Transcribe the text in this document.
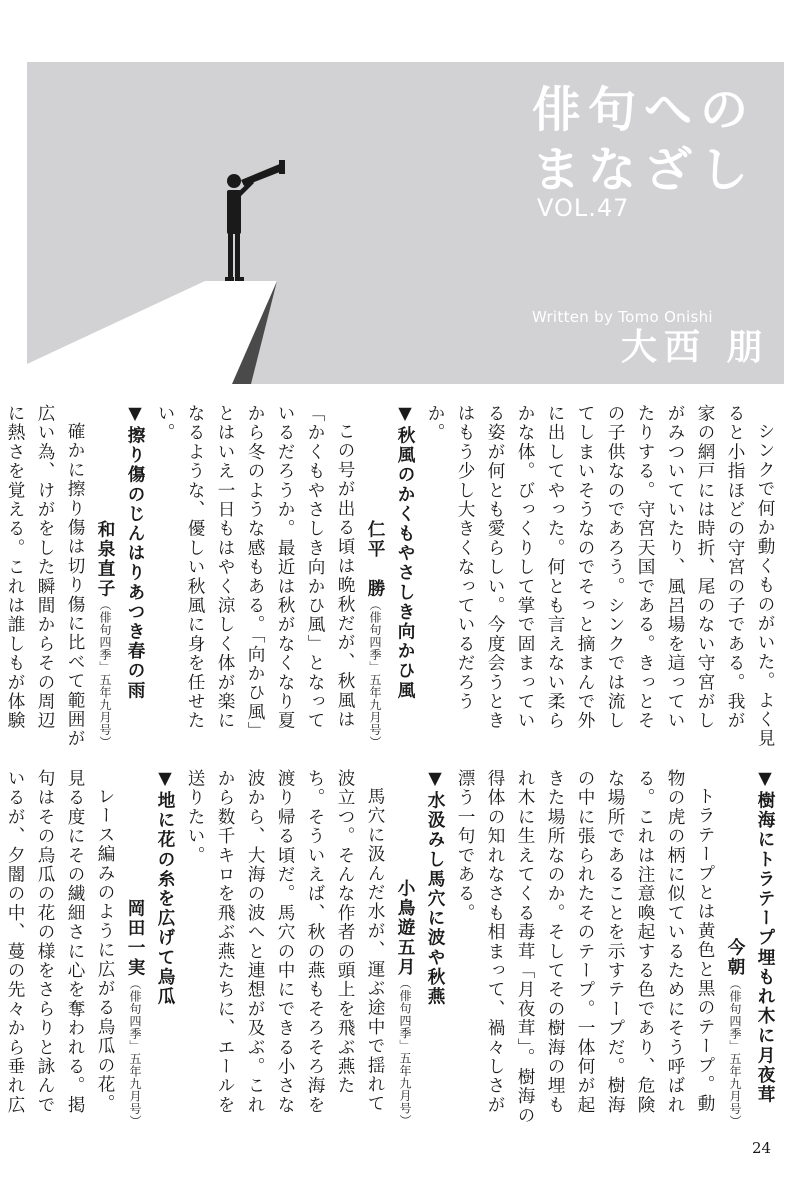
俳句への
まなざし
VOL.47
Written by Tomo Onishi
大西 朋

シンクで何か動くものがいた。よく見ると小指ほどの守宮の子である。我が家の網戸には時折、尾のない守宮がしがみついていたり、風呂場を這っていたりする。守宮天国である。きっとその子供なのであろう。シンクでは流してしまいそうなのでそっと摘まんで外に出してやった。何とも言えない柔らかな体。びっくりして掌で固まっている姿が何とも愛らしい。今度会うときはもう少し大きくなっているだろうか。

▼秋風のかくもやさしき向かひ風

仁平　勝（俳句四季」五年九月号）

この号が出る頃は晩秋だが、秋風は「かくもやさしき向かひ風」となっているだろうか。最近は秋がなくなり夏から冬のような感もある。「向かひ風」とはいえ一日もはやく涼しく体が楽になるような、優しい秋風に身を任せたい。

▼擦り傷のじんはりあつき春の雨

和泉直子（俳句四季」五年九月号）

確かに擦り傷は切り傷に比べて範囲が広い為、けがをした瞬間からその周辺に熱さを覚える。これは誰しもが体験

▼樹海にトラテープ埋もれ木に月夜茸

今朝（俳句四季」五年九月号）

トラテープとは黄色と黒のテープ。動物の虎の柄に似ているためにそう呼ばれる。これは注意喚起する色であり、危険な場所であることを示すテープだ。樹海の中に張られたそのテープ。一体何が起きた場所なのか。そしてその樹海の埋もれ木に生えてくる毒茸「月夜茸」。樹海の得体の知れなさも相まって、禍々しさが漂う一句である。

▼水汲みし馬穴に波や秋燕

小鳥遊五月（俳句四季」五年九月号）

馬穴に汲んだ水が、運ぶ途中で揺れて波立つ。そんな作者の頭上を飛ぶ燕たち。そういえば、秋の燕もそろそろ海を渡り帰る頃だ。馬穴の中にできる小さな波から、大海の波へと連想が及ぶ。これから数千キロを飛ぶ燕たちに、エールを送りたい。

▼地に花の糸を広げて烏瓜

岡田一実（俳句四季」五年九月号）

レース編みのように広がる烏瓜の花。見る度にその繊細さに心を奪われる。掲句はその烏瓜の花の様をさらりと詠んでいるが、夕闇の中、蔓の先々から垂れ広

24
